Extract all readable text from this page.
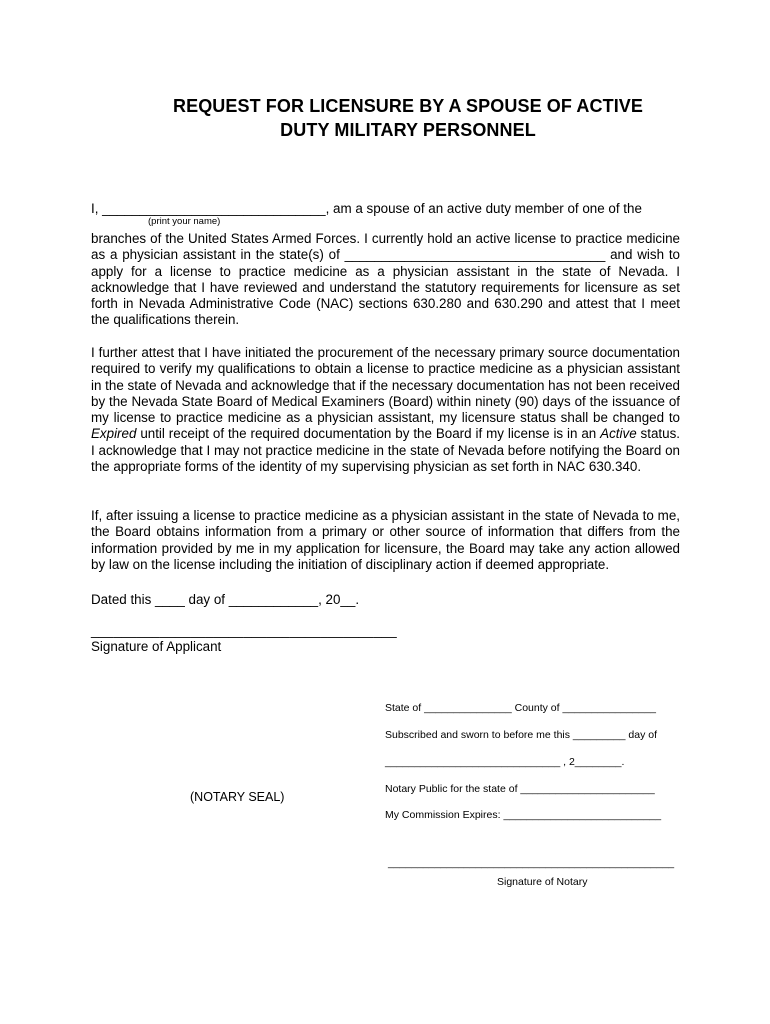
REQUEST FOR LICENSURE BY A SPOUSE OF ACTIVE
DUTY MILITARY PERSONNEL
I, ______________________________, am a spouse of an active duty member of one of the
(print your name)
branches of the United States Armed Forces. I currently hold an active license to practice medicine as a physician assistant in the state(s) of ___________________________________ and wish to apply for a license to practice medicine as a physician assistant in the state of Nevada. I acknowledge that I have reviewed and understand the statutory requirements for licensure as set forth in Nevada Administrative Code (NAC) sections 630.280 and 630.290 and attest that I meet the qualifications therein.
I further attest that I have initiated the procurement of the necessary primary source documentation required to verify my qualifications to obtain a license to practice medicine as a physician assistant in the state of Nevada and acknowledge that if the necessary documentation has not been received by the Nevada State Board of Medical Examiners (Board) within ninety (90) days of the issuance of my license to practice medicine as a physician assistant, my licensure status shall be changed to Expired until receipt of the required documentation by the Board if my license is in an Active status. I acknowledge that I may not practice medicine in the state of Nevada before notifying the Board on the appropriate forms of the identity of my supervising physician as set forth in NAC 630.340.
If, after issuing a license to practice medicine as a physician assistant in the state of Nevada to me, the Board obtains information from a primary or other source of information that differs from the information provided by me in my application for licensure, the Board may take any action allowed by law on the license including the initiation of disciplinary action if deemed appropriate.
Dated this ____ day of ____________, 20__.
________________________________________
Signature of Applicant
State of _______________ County of ________________
Subscribed and sworn to before me this _________ day of
______________________________ , 2________.
Notary Public for the state of _______________________
(NOTARY SEAL)
My Commission Expires: ___________________________
_________________________________________________
Signature of Notary
